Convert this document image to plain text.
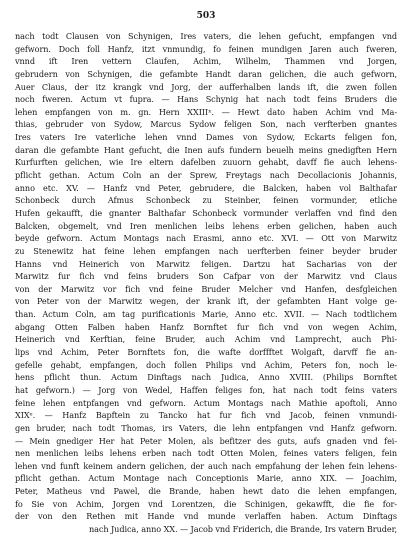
503
nach todt Clausen von Schynigen, Ires vaters, die lehen gefucht, empfangen vnd
gefworn. Doch foll Hanfz, itzt vnmundig, fo feinen mundigen Jaren auch fweren,
vnnd ift Iren vettern Claufen, Achim, Wilhelm, Thammen vnd Jorgen,
gebrudern von Schynigen, die gefambte Handt daran gelichen, die auch gefworn,
Auer Claus, der itz krangk vnd Jorg, der aufferhalben lands ift, die zwen follen
noch fweren. Actum vt fupra. — Hans Schynig hat nach todt feins Bruders die
lehen empfangen von m. gn. Hern XXIIIˣ. — Hewt dato haben Achim vnd Ma-
thias, gebruder von Sydow, Marcus Sydow feligen Son, nach verfterben gnantes
Ires vaters Ire vaterliche lehen vnnd Dames von Sydow, Eckarts feligen fon,
daran die gefambte Hant gefucht, die Inen aufs fundern beuelh meins gnedigften Hern
Kurfurften gelichen, wie Ire eltern dafelben zuuorn gehabt, davff fie auch lehens-
pflicht gethan. Actum Coln an der Sprew, Freytags nach Decollacionis Johannis,
anno etc. XV. — Hanfz vnd Peter, gebrudere, die Balcken, haben vol Balthafar
Schonbeck durch Afmus Schonbeck zu Steinber, feinen vormunder, etliche
Hufen gekaufft, die gnanter Balthafar Schonbeck vormunder verlaffen vnd find den
Balcken, obgemelt, vnd Iren menlichen leibs lehens erben gelichen, haben auch
beyde gefworn. Actum Montags nach Erasmi, anno etc. XVI. — Ott von Marwitz
zu Stenewitz hat feine lehen empfangen nach uerfterben feiner beyder bruder
Hanns vnd Heinerich von Marwitz feligen. Dartzu hat Sacharias von der
Marwitz fur fich vnd feins bruders Son Cafpar von der Marwitz vnd Claus
von der Marwitz vor fich vnd feine Bruder Melcher vnd Hanfen, desfgleichen
von Peter von der Marwitz wegen, der krank ift, der gefambten Hant volge ge-
than. Actum Coln, am tag purificationis Marie, Anno etc. XVII. — Nach todtlichem
abgang Otten Falben haben Hanfz Bornftet fur fich vnd von wegen Achim,
Heinerich vnd Kerftian, feine Bruder, auch Achim vnd Lamprecht, auch Phi-
lips vnd Achim, Peter Bornftets fon, die wafte dorffftet Wolgaft, darvff fie an-
gefelle gehabt, empfangen, doch follen Philips vnd Achim, Peters fon, noch le-
hens pflicht thun. Actum Dinftags nach Judica, Anno XVIII. (Philips Bornftet
hat gefworn.) — Jorg von Wedel, Haffen feliges fon, hat nach todt feins vaters
feine lehen entpfangen vnd gefworn. Actum Montags nach Mathie apoftoli, Anno
XIXᵉ. — Hanfz Bapftein zu Tancko hat fur fich vnd Jacob, feinen vnmundi-
gen bruder, nach todt Thomas, irs Vaters, die lehn entpfangen vnd Hanfz gefworn.
— Mein gnediger Her hat Peter Molen, als befitzer des guts, aufs gnaden vnd fei-
nen menlichen leibs lehens erben nach todt Otten Molen, feines vaters feligen, fein
lehen vnd funft keinem andern gelichen, der auch nach empfahung der lehen fein lehens-
pflicht gethan. Actum Montage nach Conceptionis Marie, anno XIX. — Joachim,
Peter, Matheus vnd Pawel, die Brande, haben hewt dato die lehen empfangen,
fo Sie von Achim, Jorgen vnd Lorentzen, die Schinigen, gekawfft, die fie for-
der von den Rethen mit Hande vnd munde verlaffen haben. Actum Dinftags
nach Judica, anno XX. — Jacob vnd Friderich, die Brande, Irs vatern Bruder,
